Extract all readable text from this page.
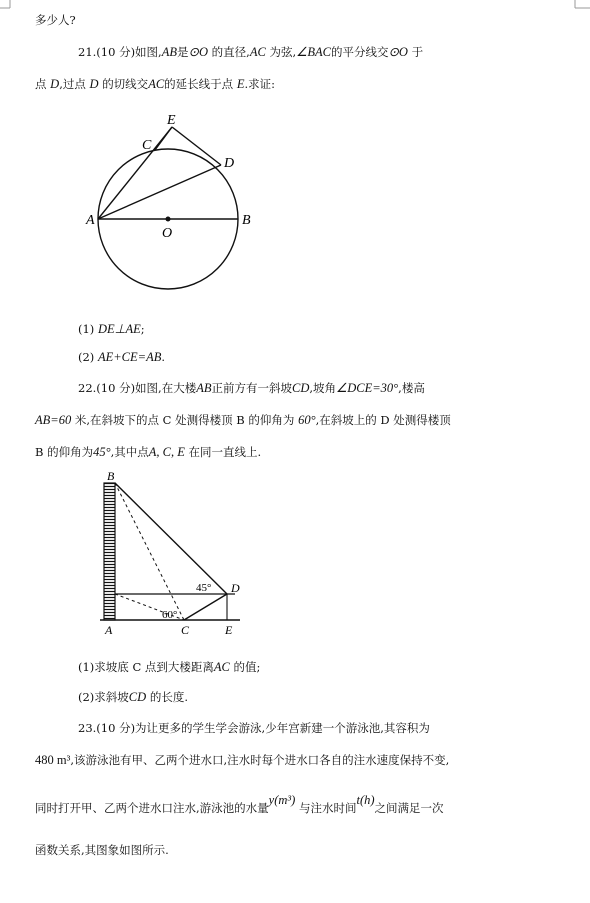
多少人?
21.(10 分)如图,AB是⊙O 的直径,AC 为弦,∠BAC的平分线交⊙O 于
点 D,过点 D 的切线交AC的延长线于点 E.求证:
E
C
D
A	B
O
(1) DE⊥AE;
(2) AE+CE=AB.
22.(10 分)如图,在大楼AB正前方有一斜坡CD,坡角∠DCE=30°,楼高
AB=60 米,在斜坡下的点 C 处测得楼顶 B 的仰角为 60°,在斜坡上的 D 处测得楼顶
B 的仰角为45°,其中点A, C, E 在同一直线上.
B
A	C	E
D
45°
60°
(1)求坡底 C 点到大楼距离AC 的值;
(2)求斜坡CD 的长度.
23.(10 分)为让更多的学生学会游泳,少年宫新建一个游泳池,其容积为
480 m³,该游泳池有甲、乙两个进水口,注水时每个进水口各自的注水速度保持不变,
同时打开甲、乙两个进水口注水,游泳池的水量y(m³) 与注水时间t(h)之间满足一次
函数关系,其图象如图所示.
